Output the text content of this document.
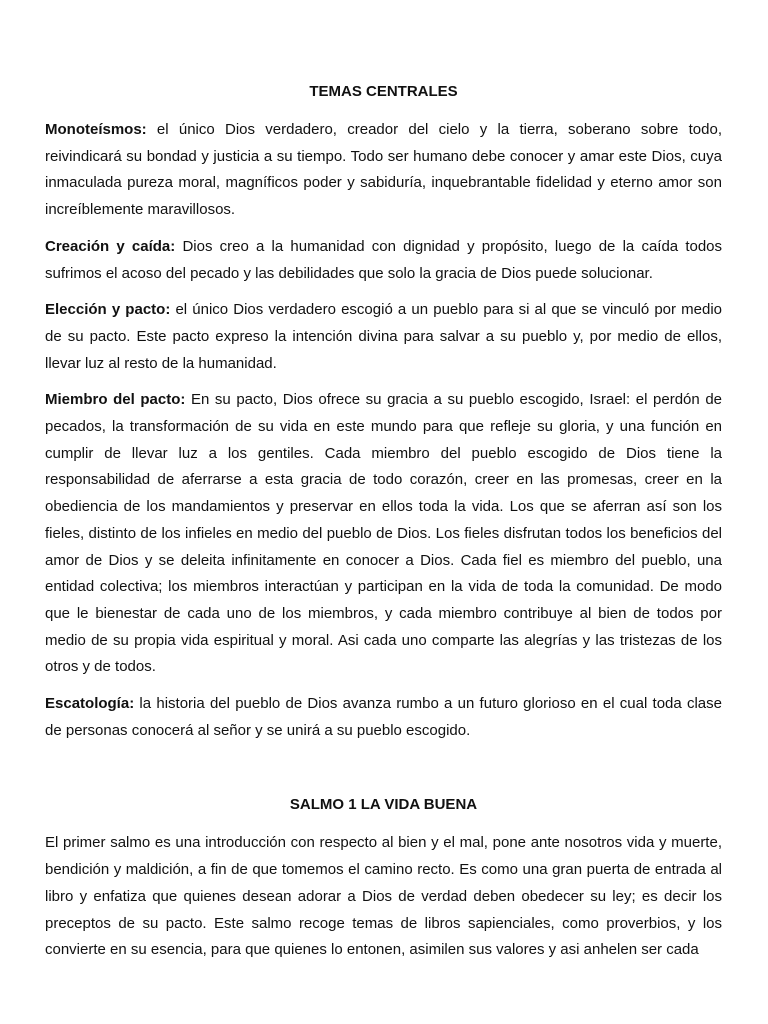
TEMAS CENTRALES

Monoteísmos: el único Dios verdadero, creador del cielo y la tierra, soberano sobre todo, reivindicará su bondad y justicia a su tiempo. Todo ser humano debe conocer y amar este Dios, cuya inmaculada pureza moral, magníficos poder y sabiduría, inquebrantable fidelidad y eterno amor son increíblemente maravillosos.

Creación y caída: Dios creo a la humanidad con dignidad y propósito, luego de la caída todos sufrimos el acoso del pecado y las debilidades que solo la gracia de Dios puede solucionar.

Elección y pacto: el único Dios verdadero escogió a un pueblo para si al que se vinculó por medio de su pacto. Este pacto expreso la intención divina para salvar a su pueblo y, por medio de ellos, llevar luz al resto de la humanidad.

Miembro del pacto: En su pacto, Dios ofrece su gracia a su pueblo escogido, Israel: el perdón de pecados, la transformación de su vida en este mundo para que refleje su gloria, y una función en cumplir de llevar luz a los gentiles. Cada miembro del pueblo escogido de Dios tiene la responsabilidad de aferrarse a esta gracia de todo corazón, creer en las promesas, creer en la obediencia de los mandamientos y preservar en ellos toda la vida. Los que se aferran así son los fieles, distinto de los infieles en medio del pueblo de Dios. Los fieles disfrutan todos los beneficios del amor de Dios y se deleita infinitamente en conocer a Dios. Cada fiel es miembro del pueblo, una entidad colectiva; los miembros interactúan y participan en la vida de toda la comunidad. De modo que le bienestar de cada uno de los miembros, y cada miembro contribuye al bien de todos por medio de su propia vida espiritual y moral. Asi cada uno comparte las alegrías y las tristezas de los otros y de todos.

Escatología: la historia del pueblo de Dios avanza rumbo a un futuro glorioso en el cual toda clase de personas conocerá al señor y se unirá a su pueblo escogido.

SALMO 1 LA VIDA BUENA

El primer salmo es una introducción con respecto al bien y el mal, pone ante nosotros vida y muerte, bendición y maldición, a fin de que tomemos el camino recto. Es como una gran puerta de entrada al libro y enfatiza que quienes desean adorar a Dios de verdad deben obedecer su ley; es decir los preceptos de su pacto. Este salmo recoge temas de libros sapienciales, como proverbios, y los convierte en su esencia, para que quienes lo entonen, asimilen sus valores y asi anhelen ser cada
